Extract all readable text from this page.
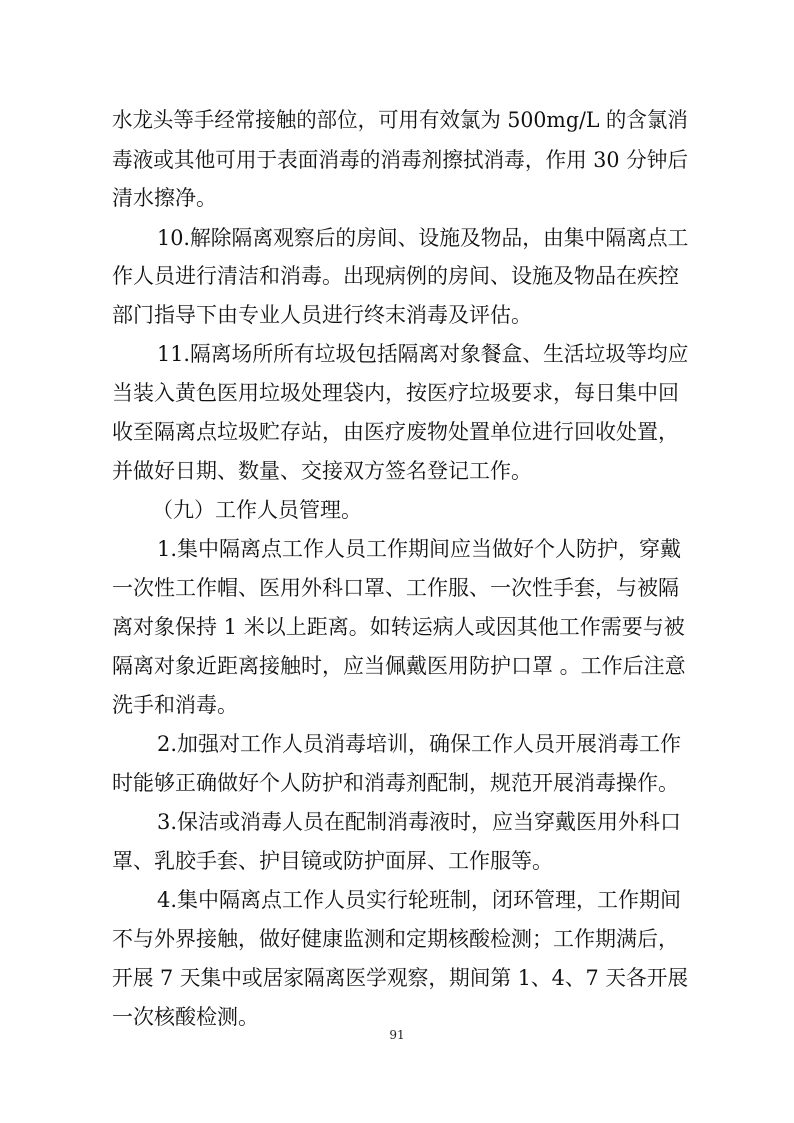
水龙头等手经常接触的部位，可用有效氯为 500mg/L 的含氯消
毒液或其他可用于表面消毒的消毒剂擦拭消毒，作用 30 分钟后
清水擦净。
10.解除隔离观察后的房间、设施及物品，由集中隔离点工
作人员进行清洁和消毒。出现病例的房间、设施及物品在疾控
部门指导下由专业人员进行终末消毒及评估。
11.隔离场所所有垃圾包括隔离对象餐盒、生活垃圾等均应
当装入黄色医用垃圾处理袋内，按医疗垃圾要求，每日集中回
收至隔离点垃圾贮存站，由医疗废物处置单位进行回收处置，
并做好日期、数量、交接双方签名登记工作。
（九）工作人员管理。
1.集中隔离点工作人员工作期间应当做好个人防护，穿戴
一次性工作帽、医用外科口罩、工作服、一次性手套，与被隔
离对象保持 1 米以上距离。如转运病人或因其他工作需要与被
隔离对象近距离接触时，应当佩戴医用防护口罩 。工作后注意
洗手和消毒。
2.加强对工作人员消毒培训，确保工作人员开展消毒工作
时能够正确做好个人防护和消毒剂配制，规范开展消毒操作。
3.保洁或消毒人员在配制消毒液时，应当穿戴医用外科口
罩、乳胶手套、护目镜或防护面屏、工作服等。
4.集中隔离点工作人员实行轮班制，闭环管理，工作期间
不与外界接触，做好健康监测和定期核酸检测；工作期满后，
开展 7 天集中或居家隔离医学观察，期间第 1、4、7 天各开展
一次核酸检测。
91
